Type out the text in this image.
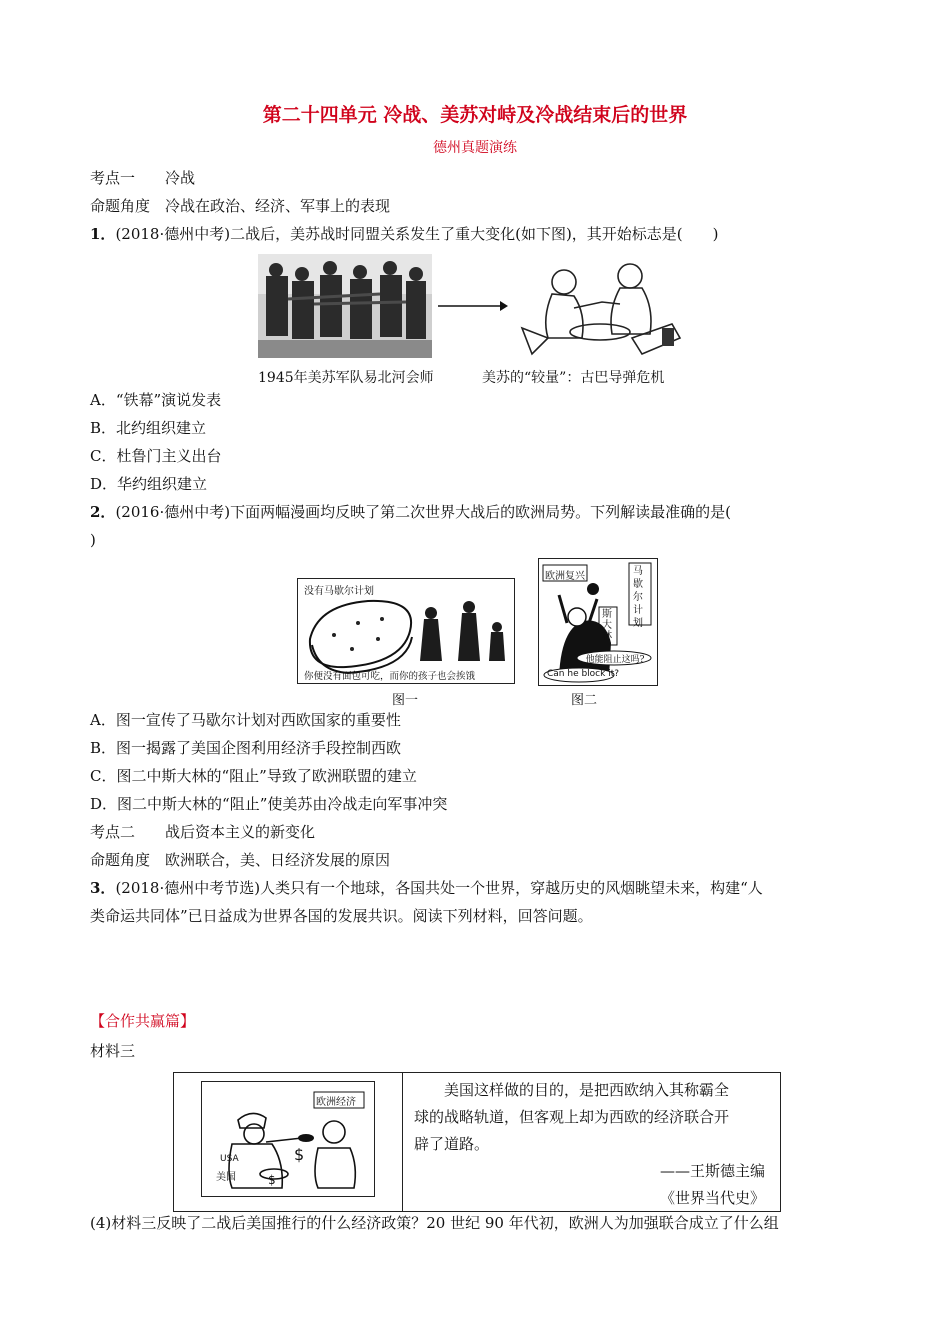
第二十四单元 冷战、美苏对峙及冷战结束后的世界
德州真题演练
考点一　　冷战
命题角度　冷战在政治、经济、军事上的表现
1．(2018·德州中考)二战后，美苏战时同盟关系发生了重大变化(如下图)，其开始标志是(　　)
1945年美苏军队易北河会师	美苏的“较量”：古巴导弹危机
A．“铁幕”演说发表
B．北约组织建立
C．杜鲁门主义出台
D．华约组织建立
2．(2016·德州中考)下面两幅漫画均反映了第二次世界大战后的欧洲局势。下列解读最准确的是(
)
没有马歇尔计划
你便没有面包可吃，而你的孩子也会挨饿
图一
欧洲复兴	马歇尔计划
斯大林
他能阻止这吗?
Can he block it?
图二
A．图一宣传了马歇尔计划对西欧国家的重要性
B．图一揭露了美国企图利用经济手段控制西欧
C．图二中斯大林的“阻止”导致了欧洲联盟的建立
D．图二中斯大林的“阻止”使美苏由冷战走向军事冲突
考点二　　战后资本主义的新变化
命题角度　欧洲联合，美、日经济发展的原因
3．(2018·德州中考节选)人类只有一个地球，各国共处一个世界，穿越历史的风烟眺望未来，构建“人
类命运共同体”已日益成为世界各国的发展共识。阅读下列材料，回答问题。
【合作共赢篇】
材料三
$
$
欧洲经济
USA
美国
美国这样做的目的，是把西欧纳入其称霸全
球的战略轨道，但客观上却为西欧的经济联合开
辟了道路。
——王斯德主编
《世界当代史》
(4)材料三反映了二战后美国推行的什么经济政策？20 世纪 90 年代初，欧洲人为加强联合成立了什么组
